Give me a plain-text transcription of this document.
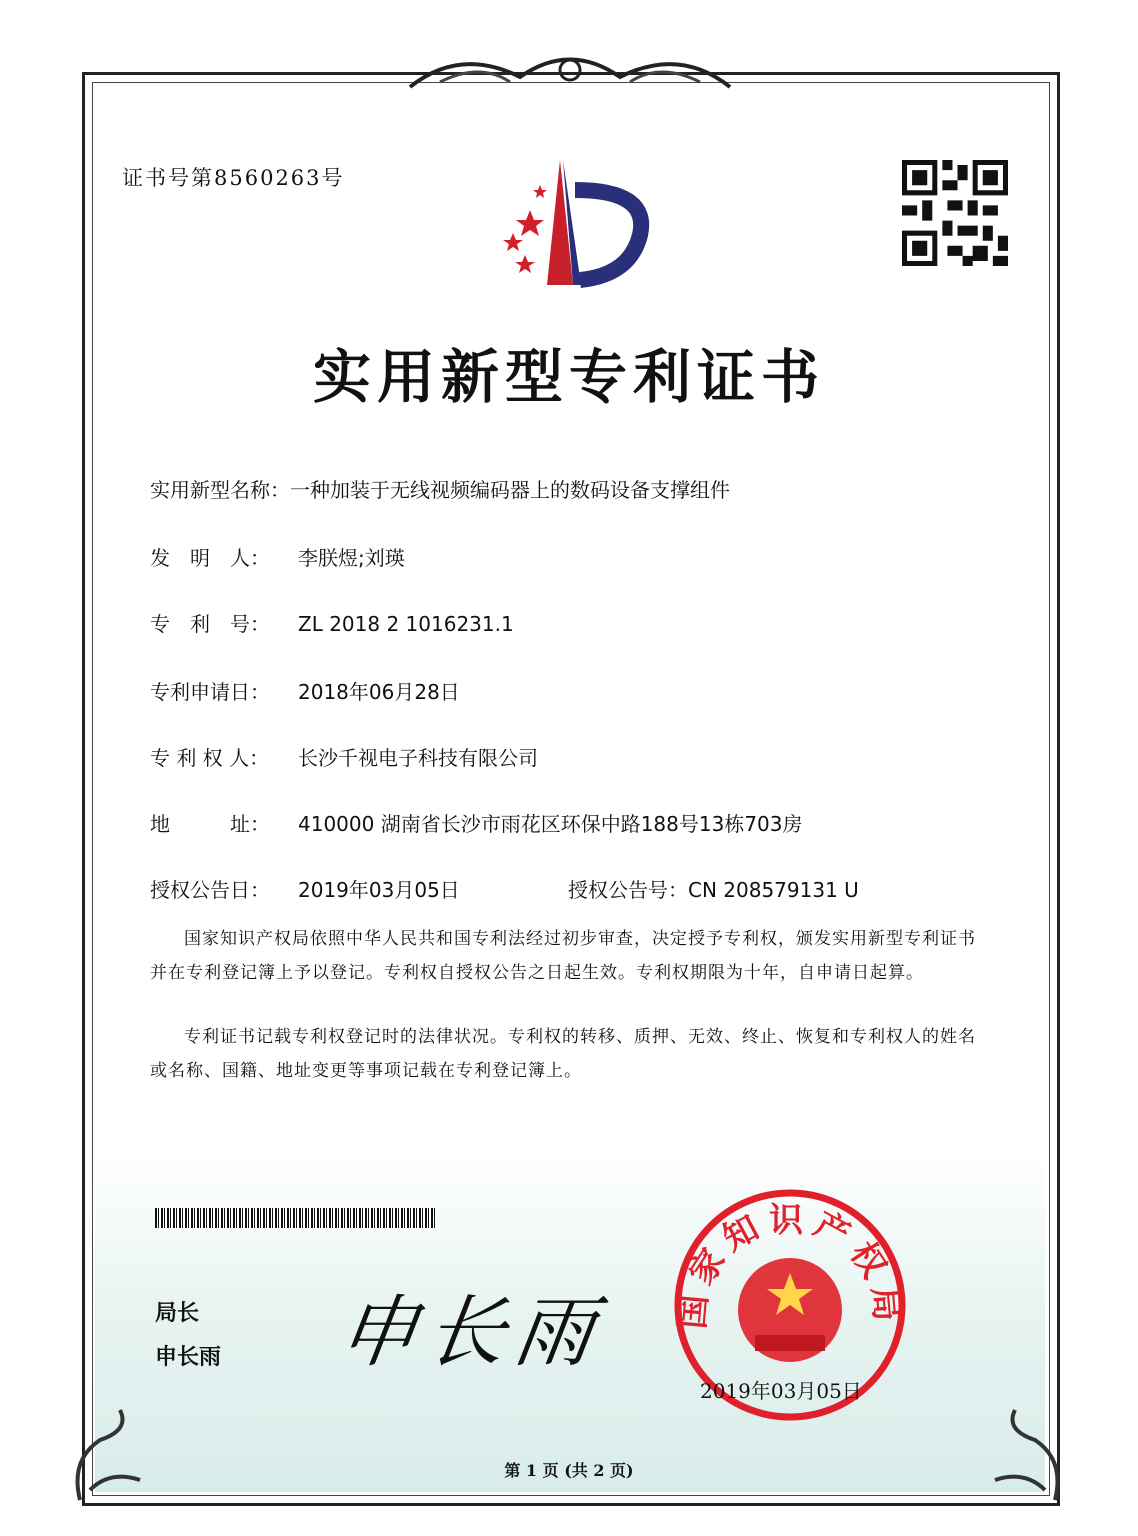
证书号第8560263号
实用新型专利证书
实用新型名称：一种加装于无线视频编码器上的数码设备支撑组件
发　明　人： 李朕煜;刘瑛
专　利　号： ZL 2018 2 1016231.1
专利申请日： 2018年06月28日
专 利 权 人： 长沙千视电子科技有限公司
地　　　址： 410000 湖南省长沙市雨花区环保中路188号13栋703房
授权公告日： 2019年03月05日	授权公告号：CN 208579131 U
国家知识产权局依照中华人民共和国专利法经过初步审查，决定授予专利权，颁发实用新型专利证书并在专利登记簿上予以登记。专利权自授权公告之日起生效。专利权期限为十年，自申请日起算。
专利证书记载专利权登记时的法律状况。专利权的转移、质押、无效、终止、恢复和专利权人的姓名或名称、国籍、地址变更等事项记载在专利登记簿上。
局长
申长雨 申长雨 国家知识产权局
2019年03月05日
第 1 页 (共 2 页)
